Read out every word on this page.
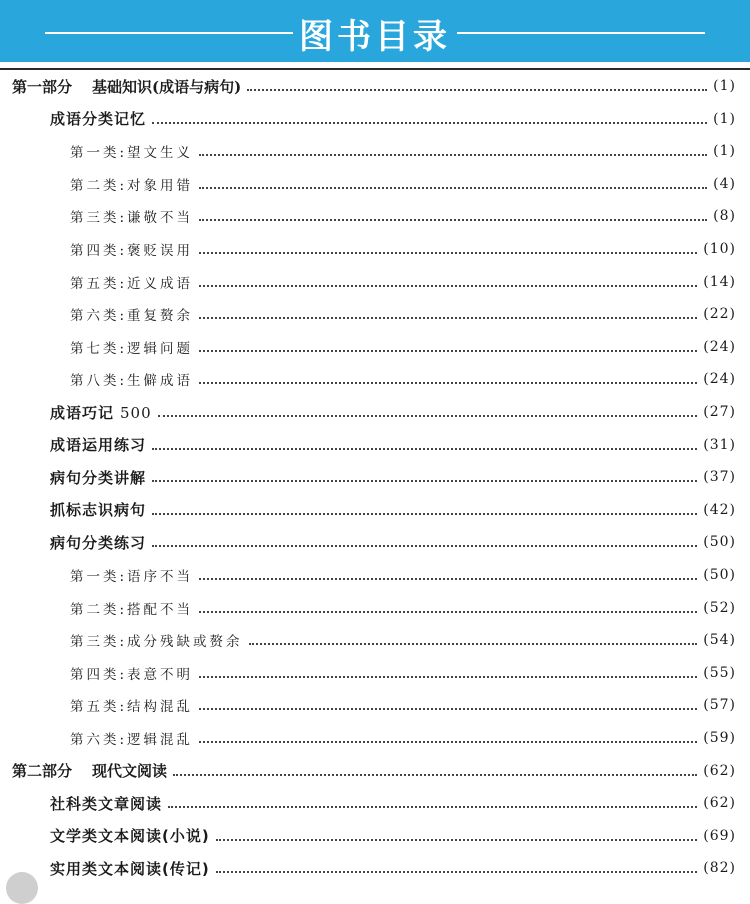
图书目录
第一部分 基础知识(成语与病句)	(1)
成语分类记忆	(1)
第一类:望文生义	(1)
第二类:对象用错	(4)
第三类:谦敬不当	(8)
第四类:褒贬误用	(10)
第五类:近义成语	(14)
第六类:重复赘余	(22)
第七类:逻辑问题	(24)
第八类:生僻成语	(24)
成语巧记 500	(27)
成语运用练习	(31)
病句分类讲解	(37)
抓标志识病句	(42)
病句分类练习	(50)
第一类:语序不当	(50)
第二类:搭配不当	(52)
第三类:成分残缺或赘余	(54)
第四类:表意不明	(55)
第五类:结构混乱	(57)
第六类:逻辑混乱	(59)
第二部分 现代文阅读	(62)
社科类文章阅读	(62)
文学类文本阅读(小说)	(69)
实用类文本阅读(传记)	(82)
